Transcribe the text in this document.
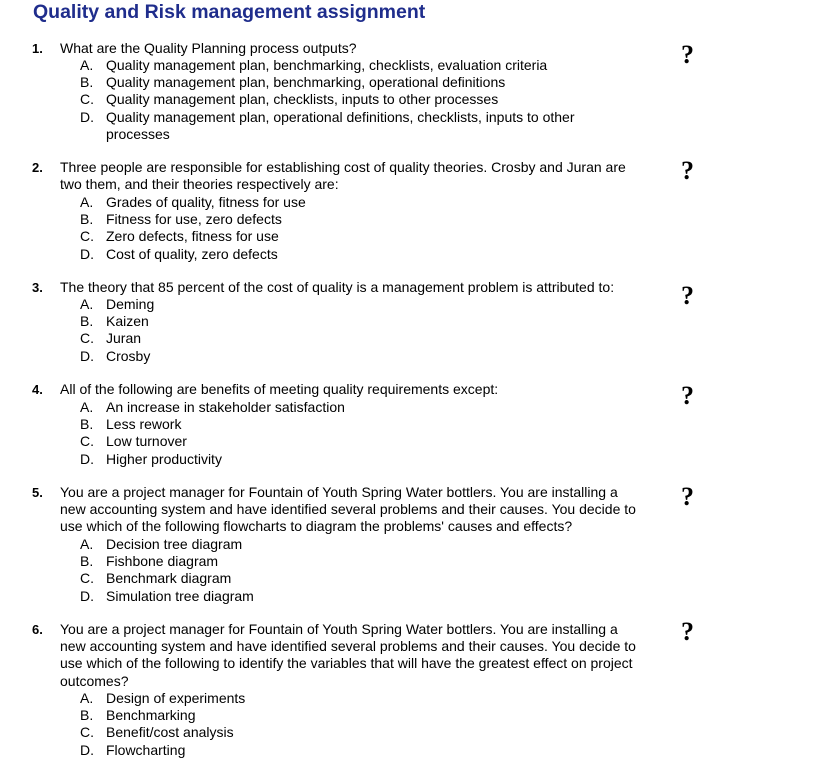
Quality and Risk management assignment
1. What are the Quality Planning process outputs?
A. Quality management plan, benchmarking, checklists, evaluation criteria
B. Quality management plan, benchmarking, operational definitions
C. Quality management plan, checklists, inputs to other processes
D. Quality management plan, operational definitions, checklists, inputs to other
processes
?
2. Three people are responsible for establishing cost of quality theories. Crosby and Juran are
two them, and their theories respectively are:
A. Grades of quality, fitness for use
B. Fitness for use, zero defects
C. Zero defects, fitness for use
D. Cost of quality, zero defects
?
3. The theory that 85 percent of the cost of quality is a management problem is attributed to:
A. Deming
B. Kaizen
C. Juran
D. Crosby
?
4. All of the following are benefits of meeting quality requirements except:
A. An increase in stakeholder satisfaction
B. Less rework
C. Low turnover
D. Higher productivity
?
5. You are a project manager for Fountain of Youth Spring Water bottlers. You are installing a
new accounting system and have identified several problems and their causes. You decide to
use which of the following flowcharts to diagram the problems' causes and effects?
A. Decision tree diagram
B. Fishbone diagram
C. Benchmark diagram
D. Simulation tree diagram
?
6. You are a project manager for Fountain of Youth Spring Water bottlers. You are installing a
new accounting system and have identified several problems and their causes. You decide to
use which of the following to identify the variables that will have the greatest effect on project
outcomes?
A. Design of experiments
B. Benchmarking
C. Benefit/cost analysis
D. Flowcharting
?
